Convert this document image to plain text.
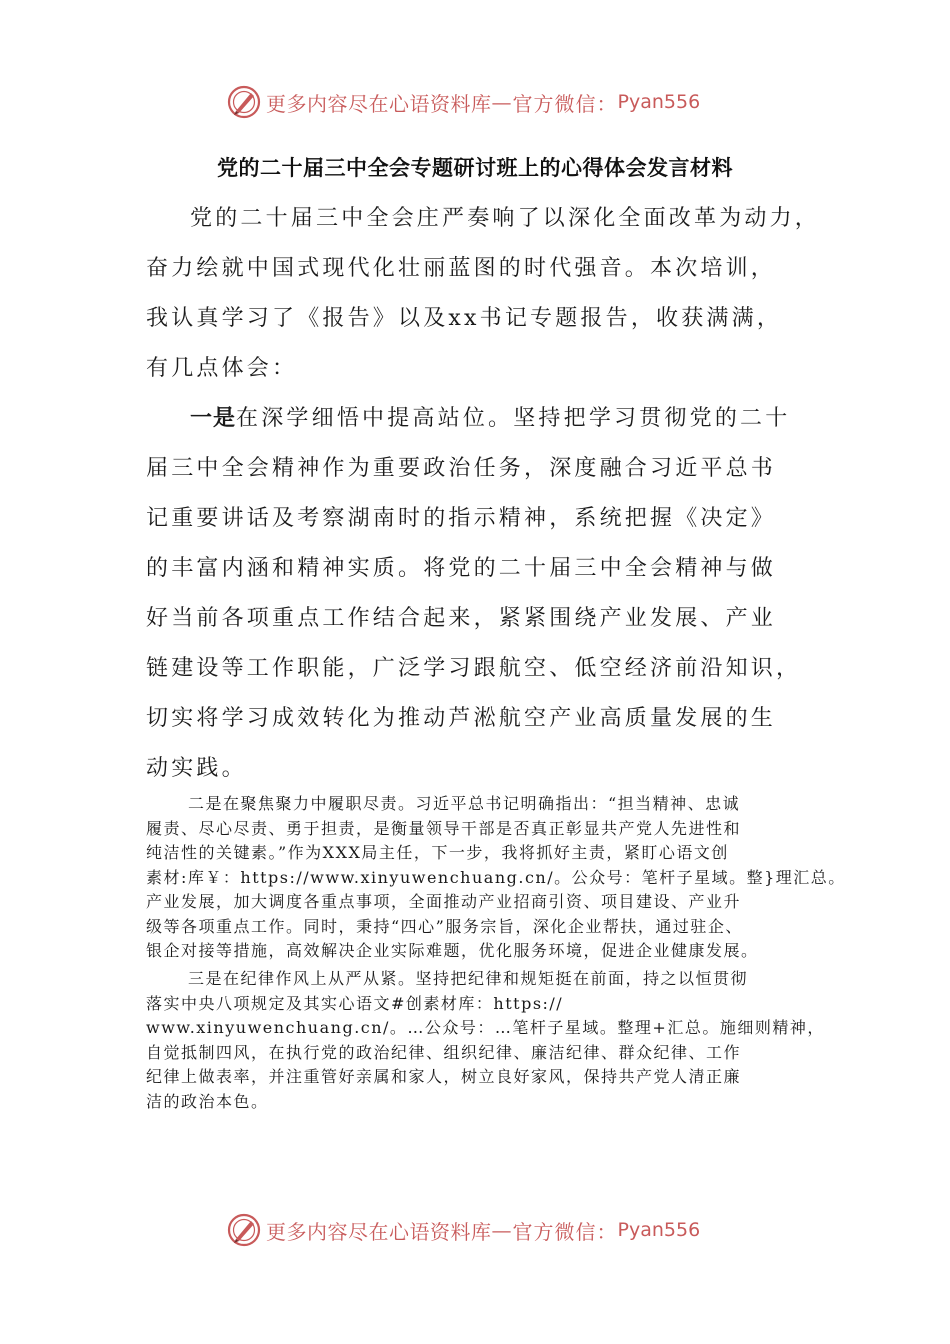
更多内容尽在心语资料库 — 官方微信： Pyan556
党的二十届三中全会专题研讨班上的心得体会发言材料
党的二十届三中全会庄严奏响了以深化全面改革为动力，
奋力绘就中国式现代化壮丽蓝图的时代强音。本次培训，
我认真学习了《报告》以及xx书记专题报告，收获满满，
有几点体会：
一是在深学细悟中提高站位。坚持把学习贯彻党的二十
届三中全会精神作为重要政治任务，深度融合习近平总书
记重要讲话及考察湖南时的指示精神，系统把握《决定》
的丰富内涵和精神实质。将党的二十届三中全会精神与做
好当前各项重点工作结合起来，紧紧围绕产业发展、产业
链建设等工作职能，广泛学习跟航空、低空经济前沿知识，
切实将学习成效转化为推动芦淞航空产业高质量发展的生
动实践。
二是在聚焦聚力中履职尽责。习近平总书记明确指出：“担当精神、忠诚
履责、尽心尽责、勇于担责，是衡量领导干部是否真正彰显共产党人先进性和
纯洁性的关键素。”作为XXX局主任，下一步，我将抓好主责，紧盯心语文创
素材:库￥：https://www.xinyuwenchuang.cn/。公众号：笔杆子星域。整}理汇总。
产业发展，加大调度各重点事项，全面推动产业招商引资、项目建设、产业升
级等各项重点工作。同时，秉持“四心”服务宗旨，深化企业帮扶，通过驻企、
银企对接等措施，高效解决企业实际难题，优化服务环境，促进企业健康发展。
三是在纪律作风上从严从紧。坚持把纪律和规矩挺在前面，持之以恒贯彻
落实中央八项规定及其实心语文#创素材库：https://
www.xinyuwenchuang.cn/。…公众号：…笔杆子星域。整理+汇总。施细则精神，
自觉抵制四风，在执行党的政治纪律、组织纪律、廉洁纪律、群众纪律、工作
纪律上做表率，并注重管好亲属和家人，树立良好家风，保持共产党人清正廉
洁的政治本色。
更多内容尽在心语资料库 — 官方微信： Pyan556
